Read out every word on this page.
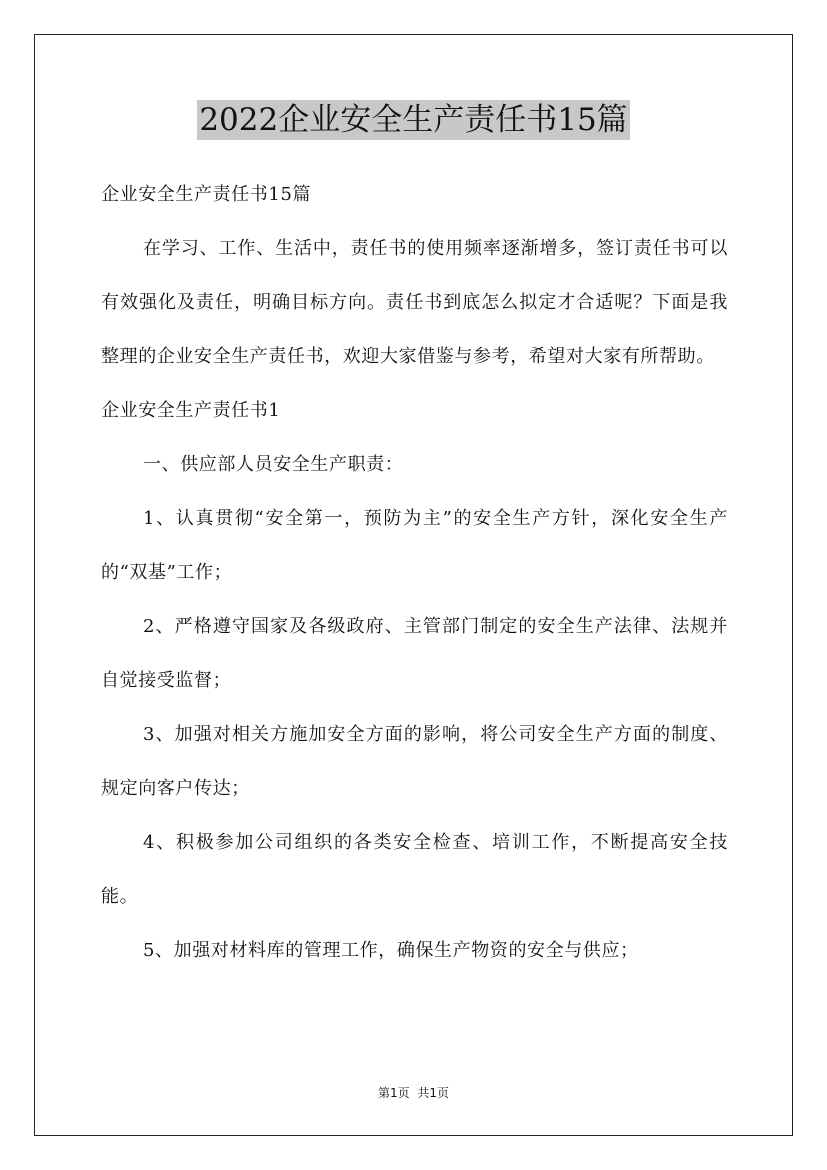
2022企业安全生产责任书15篇

企业安全生产责任书15篇

在学习、工作、生活中，责任书的使用频率逐渐增多，签订责任书可以有效强化及责任，明确目标方向。责任书到底怎么拟定才合适呢？下面是我整理的企业安全生产责任书，欢迎大家借鉴与参考，希望对大家有所帮助。

企业安全生产责任书1

一、供应部人员安全生产职责：

1、认真贯彻“安全第一，预防为主”的安全生产方针，深化安全生产的“双基”工作；

2、严格遵守国家及各级政府、主管部门制定的安全生产法律、法规并自觉接受监督；

3、加强对相关方施加安全方面的影响，将公司安全生产方面的制度、规定向客户传达；

4、积极参加公司组织的各类安全检查、培训工作，不断提高安全技能。

5、加强对材料库的管理工作，确保生产物资的安全与供应；

第1页 共1页
